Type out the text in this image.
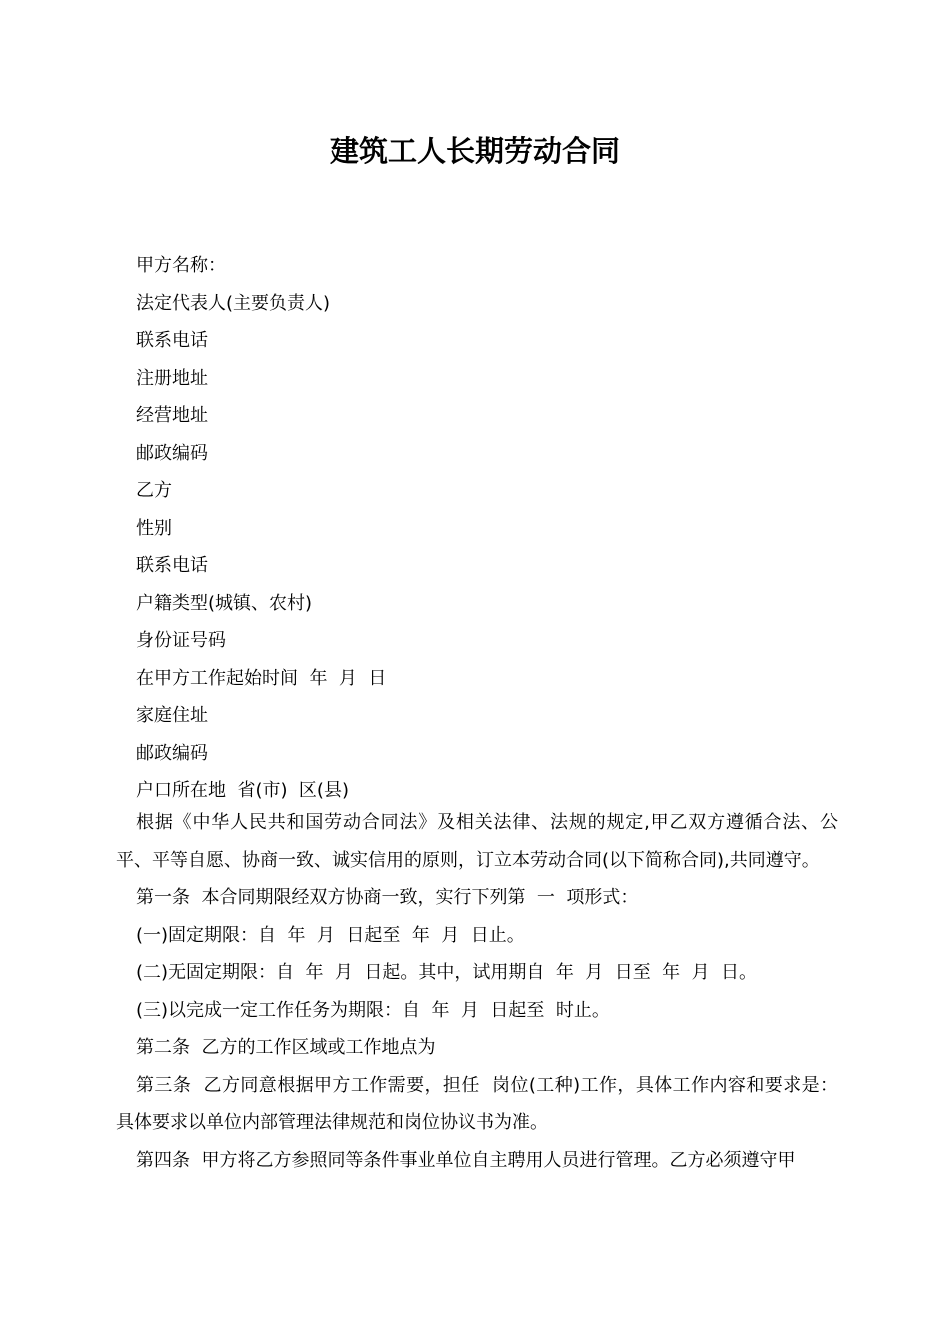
建筑工人长期劳动合同
甲方名称：
法定代表人(主要负责人)
联系电话
注册地址
经营地址
邮政编码
乙方
性别
联系电话
户籍类型(城镇、农村)
身份证号码
在甲方工作起始时间  年  月  日
家庭住址
邮政编码
户口所在地  省(市)  区(县)

根据《中华人民共和国劳动合同法》及相关法律、法规的规定,甲乙双方遵循合法、公平、平等自愿、协商一致、诚实信用的原则，订立本劳动合同(以下简称合同),共同遵守。

第一条  本合同期限经双方协商一致，实行下列第  一  项形式：

(一)固定期限：自  年  月  日起至  年  月  日止。

(二)无固定期限：自  年  月  日起。其中，试用期自  年  月  日至  年  月  日。

(三)以完成一定工作任务为期限：自  年  月  日起至  时止。

第二条  乙方的工作区域或工作地点为

第三条  乙方同意根据甲方工作需要，担任  岗位(工种)工作，具体工作内容和要求是：  具体要求以单位内部管理法律规范和岗位协议书为准。

第四条  甲方将乙方参照同等条件事业单位自主聘用人员进行管理。乙方必须遵守甲
